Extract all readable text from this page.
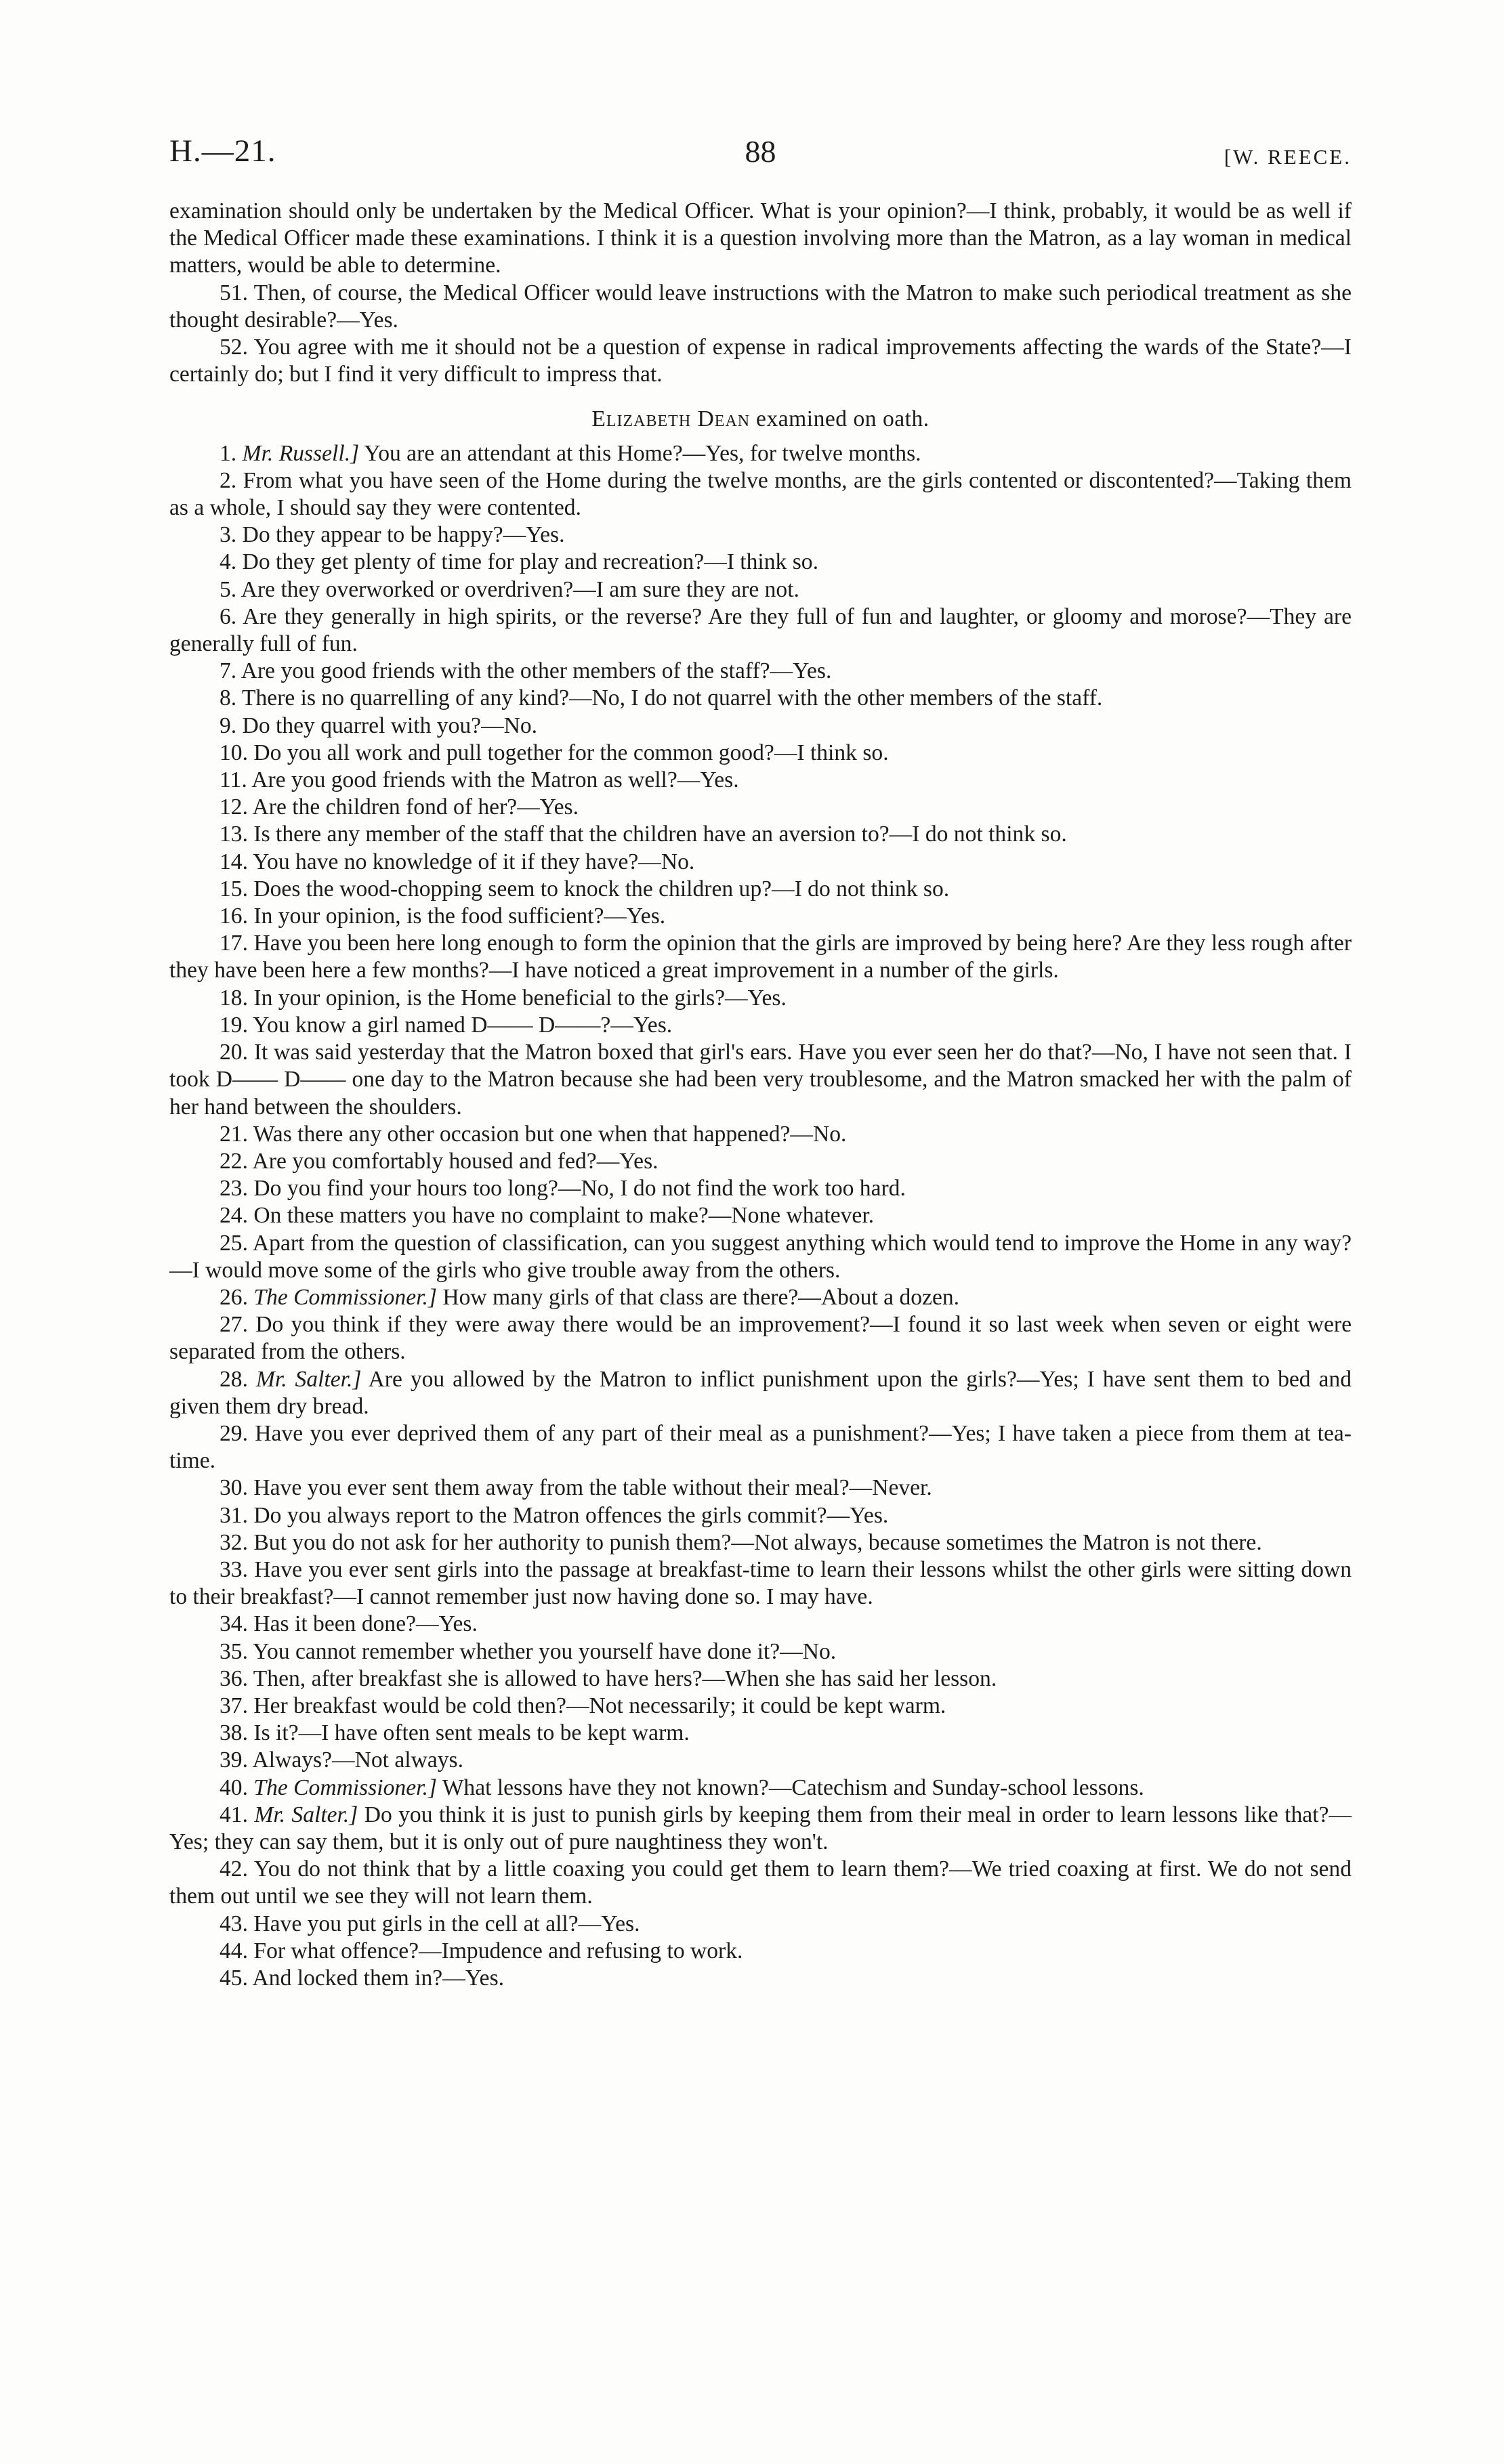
H.—21.	88	[W. REECE.

examination should only be undertaken by the Medical Officer. What is your opinion?—I think, probably, it would be as well if the Medical Officer made these examinations. I think it is a question involving more than the Matron, as a lay woman in medical matters, would be able to determine.

51. Then, of course, the Medical Officer would leave instructions with the Matron to make such periodical treatment as she thought desirable?—Yes.

52. You agree with me it should not be a question of expense in radical improvements affecting the wards of the State?—I certainly do; but I find it very difficult to impress that.

Elizabeth Dean examined on oath.

1. Mr. Russell.] You are an attendant at this Home?—Yes, for twelve months.

2. From what you have seen of the Home during the twelve months, are the girls contented or discontented?—Taking them as a whole, I should say they were contented.

3. Do they appear to be happy?—Yes.

4. Do they get plenty of time for play and recreation?—I think so.

5. Are they overworked or overdriven?—I am sure they are not.

6. Are they generally in high spirits, or the reverse? Are they full of fun and laughter, or gloomy and morose?—They are generally full of fun.

7. Are you good friends with the other members of the staff?—Yes.

8. There is no quarrelling of any kind?—No, I do not quarrel with the other members of the staff.

9. Do they quarrel with you?—No.

10. Do you all work and pull together for the common good?—I think so.

11. Are you good friends with the Matron as well?—Yes.

12. Are the children fond of her?—Yes.

13. Is there any member of the staff that the children have an aversion to?—I do not think so.

14. You have no knowledge of it if they have?—No.

15. Does the wood-chopping seem to knock the children up?—I do not think so.

16. In your opinion, is the food sufficient?—Yes.

17. Have you been here long enough to form the opinion that the girls are improved by being here? Are they less rough after they have been here a few months?—I have noticed a great improvement in a number of the girls.

18. In your opinion, is the Home beneficial to the girls?—Yes.

19. You know a girl named D—— D——?—Yes.

20. It was said yesterday that the Matron boxed that girl's ears. Have you ever seen her do that?—No, I have not seen that. I took D—— D—— one day to the Matron because she had been very troublesome, and the Matron smacked her with the palm of her hand between the shoulders.

21. Was there any other occasion but one when that happened?—No.

22. Are you comfortably housed and fed?—Yes.

23. Do you find your hours too long?—No, I do not find the work too hard.

24. On these matters you have no complaint to make?—None whatever.

25. Apart from the question of classification, can you suggest anything which would tend to improve the Home in any way?—I would move some of the girls who give trouble away from the others.

26. The Commissioner.] How many girls of that class are there?—About a dozen.

27. Do you think if they were away there would be an improvement?—I found it so last week when seven or eight were separated from the others.

28. Mr. Salter.] Are you allowed by the Matron to inflict punishment upon the girls?—Yes; I have sent them to bed and given them dry bread.

29. Have you ever deprived them of any part of their meal as a punishment?—Yes; I have taken a piece from them at tea-time.

30. Have you ever sent them away from the table without their meal?—Never.

31. Do you always report to the Matron offences the girls commit?—Yes.

32. But you do not ask for her authority to punish them?—Not always, because sometimes the Matron is not there.

33. Have you ever sent girls into the passage at breakfast-time to learn their lessons whilst the other girls were sitting down to their breakfast?—I cannot remember just now having done so. I may have.

34. Has it been done?—Yes.

35. You cannot remember whether you yourself have done it?—No.

36. Then, after breakfast she is allowed to have hers?—When she has said her lesson.

37. Her breakfast would be cold then?—Not necessarily; it could be kept warm.

38. Is it?—I have often sent meals to be kept warm.

39. Always?—Not always.

40. The Commissioner.] What lessons have they not known?—Catechism and Sunday-school lessons.

41. Mr. Salter.] Do you think it is just to punish girls by keeping them from their meal in order to learn lessons like that?—Yes; they can say them, but it is only out of pure naughtiness they won't.

42. You do not think that by a little coaxing you could get them to learn them?—We tried coaxing at first. We do not send them out until we see they will not learn them.

43. Have you put girls in the cell at all?—Yes.

44. For what offence?—Impudence and refusing to work.

45. And locked them in?—Yes.
